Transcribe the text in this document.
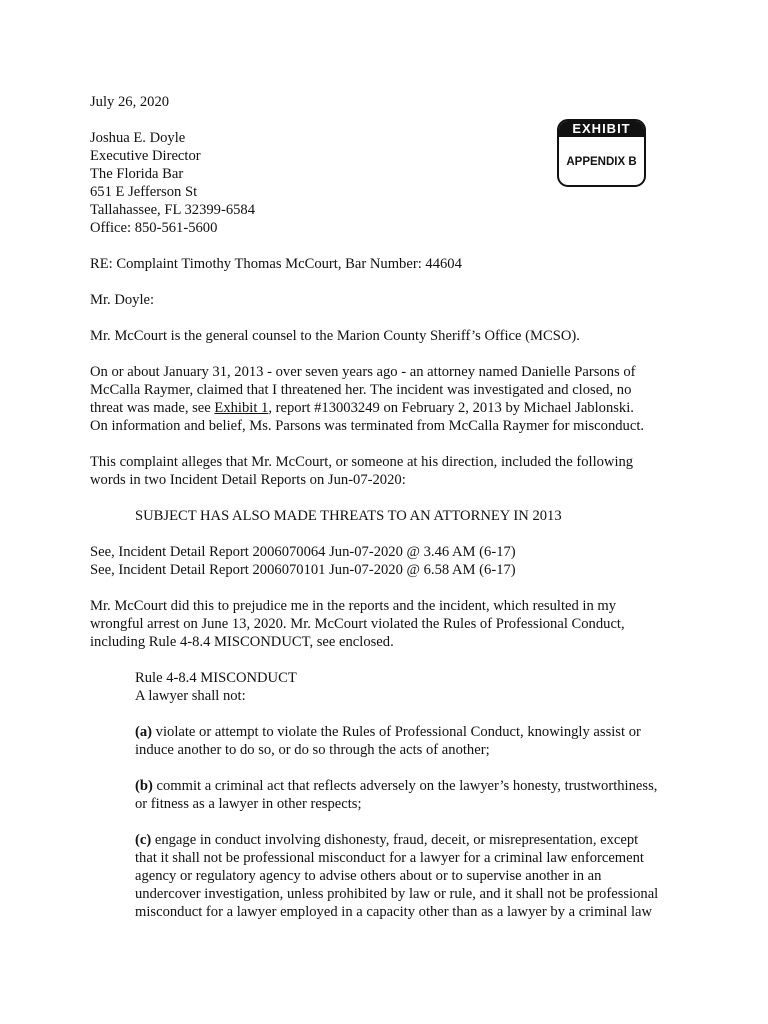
EXHIBIT
APPENDIX B

July 26, 2020

Joshua E. Doyle

Executive Director

The Florida Bar

651 E Jefferson St

Tallahassee, FL 32399-6584

Office: 850-561-5600

RE: Complaint Timothy Thomas McCourt, Bar Number: 44604

Mr. Doyle:

Mr. McCourt is the general counsel to the Marion County Sheriff’s Office (MCSO).

On or about January 31, 2013 - over seven years ago - an attorney named Danielle Parsons of

McCalla Raymer, claimed that I threatened her. The incident was investigated and closed, no

threat was made, see Exhibit 1, report #13003249 on February 2, 2013 by Michael Jablonski.

On information and belief, Ms. Parsons was terminated from McCalla Raymer for misconduct.

This complaint alleges that Mr. McCourt, or someone at his direction, included the following

words in two Incident Detail Reports on Jun-07-2020:

SUBJECT HAS ALSO MADE THREATS TO AN ATTORNEY IN 2013

See, Incident Detail Report 2006070064 Jun-07-2020 @ 3.46 AM (6-17)

See, Incident Detail Report 2006070101 Jun-07-2020 @ 6.58 AM (6-17)

Mr. McCourt did this to prejudice me in the reports and the incident, which resulted in my

wrongful arrest on June 13, 2020. Mr. McCourt violated the Rules of Professional Conduct,

including Rule 4-8.4 MISCONDUCT, see enclosed.

Rule 4-8.4 MISCONDUCT

A lawyer shall not:

(a) violate or attempt to violate the Rules of Professional Conduct, knowingly assist or

induce another to do so, or do so through the acts of another;

(b) commit a criminal act that reflects adversely on the lawyer’s honesty, trustworthiness,

or fitness as a lawyer in other respects;

(c) engage in conduct involving dishonesty, fraud, deceit, or misrepresentation, except

that it shall not be professional misconduct for a lawyer for a criminal law enforcement

agency or regulatory agency to advise others about or to supervise another in an

undercover investigation, unless prohibited by law or rule, and it shall not be professional

misconduct for a lawyer employed in a capacity other than as a lawyer by a criminal law
